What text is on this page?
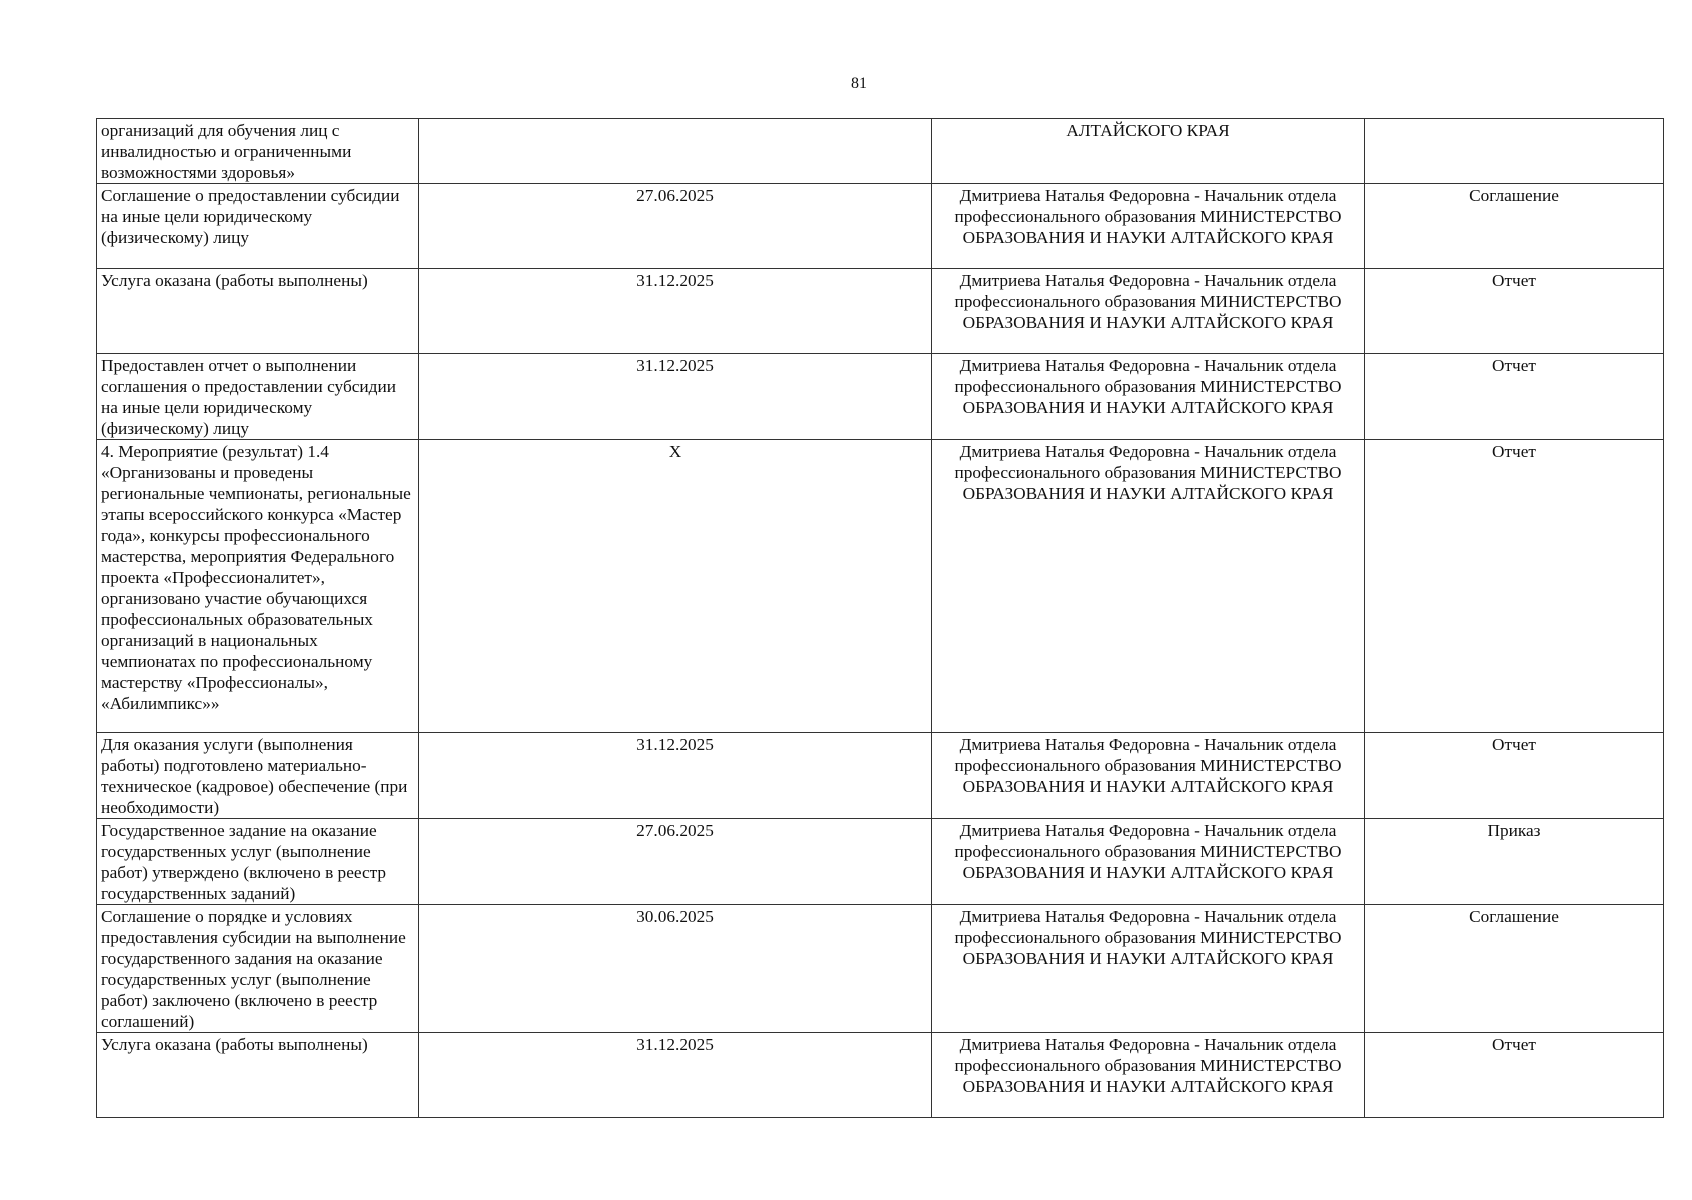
81
организаций для обучения лиц с инвалидностью и ограниченными возможностями здоровья»		АЛТАЙСКОГО КРАЯ	
Соглашение о предоставлении субсидии на иные цели юридическому (физическому) лицу	27.06.2025	Дмитриева Наталья Федоровна - Начальник отдела профессионального образования МИНИСТЕРСТВО ОБРАЗОВАНИЯ И НАУКИ АЛТАЙСКОГО КРАЯ	Соглашение
Услуга оказана (работы выполнены)	31.12.2025	Дмитриева Наталья Федоровна - Начальник отдела профессионального образования МИНИСТЕРСТВО ОБРАЗОВАНИЯ И НАУКИ АЛТАЙСКОГО КРАЯ	Отчет
Предоставлен отчет о выполнении соглашения о предоставлении субсидии на иные цели юридическому (физическому) лицу	31.12.2025	Дмитриева Наталья Федоровна - Начальник отдела профессионального образования МИНИСТЕРСТВО ОБРАЗОВАНИЯ И НАУКИ АЛТАЙСКОГО КРАЯ	Отчет
4. Мероприятие (результат) 1.4 «Организованы и проведены региональные чемпионаты, региональные этапы всероссийского конкурса «Мастер года», конкурсы профессионального мастерства, мероприятия Федерального проекта «Профессионалитет», организовано участие обучающихся профессиональных образовательных организаций в национальных чемпионатах по профессиональному мастерству «Профессионалы», «Абилимпикс»»	X	Дмитриева Наталья Федоровна - Начальник отдела профессионального образования МИНИСТЕРСТВО ОБРАЗОВАНИЯ И НАУКИ АЛТАЙСКОГО КРАЯ	Отчет
Для оказания услуги (выполнения работы) подготовлено материально-техническое (кадровое) обеспечение (при необходимости)	31.12.2025	Дмитриева Наталья Федоровна - Начальник отдела профессионального образования МИНИСТЕРСТВО ОБРАЗОВАНИЯ И НАУКИ АЛТАЙСКОГО КРАЯ	Отчет
Государственное задание на оказание государственных услуг (выполнение работ) утверждено (включено в реестр государственных заданий)	27.06.2025	Дмитриева Наталья Федоровна - Начальник отдела профессионального образования МИНИСТЕРСТВО ОБРАЗОВАНИЯ И НАУКИ АЛТАЙСКОГО КРАЯ	Приказ
Соглашение о порядке и условиях предоставления субсидии на выполнение государственного задания на оказание государственных услуг (выполнение работ) заключено (включено в реестр соглашений)	30.06.2025	Дмитриева Наталья Федоровна - Начальник отдела профессионального образования МИНИСТЕРСТВО ОБРАЗОВАНИЯ И НАУКИ АЛТАЙСКОГО КРАЯ	Соглашение
Услуга оказана (работы выполнены)	31.12.2025	Дмитриева Наталья Федоровна - Начальник отдела профессионального образования МИНИСТЕРСТВО ОБРАЗОВАНИЯ И НАУКИ АЛТАЙСКОГО КРАЯ	Отчет
